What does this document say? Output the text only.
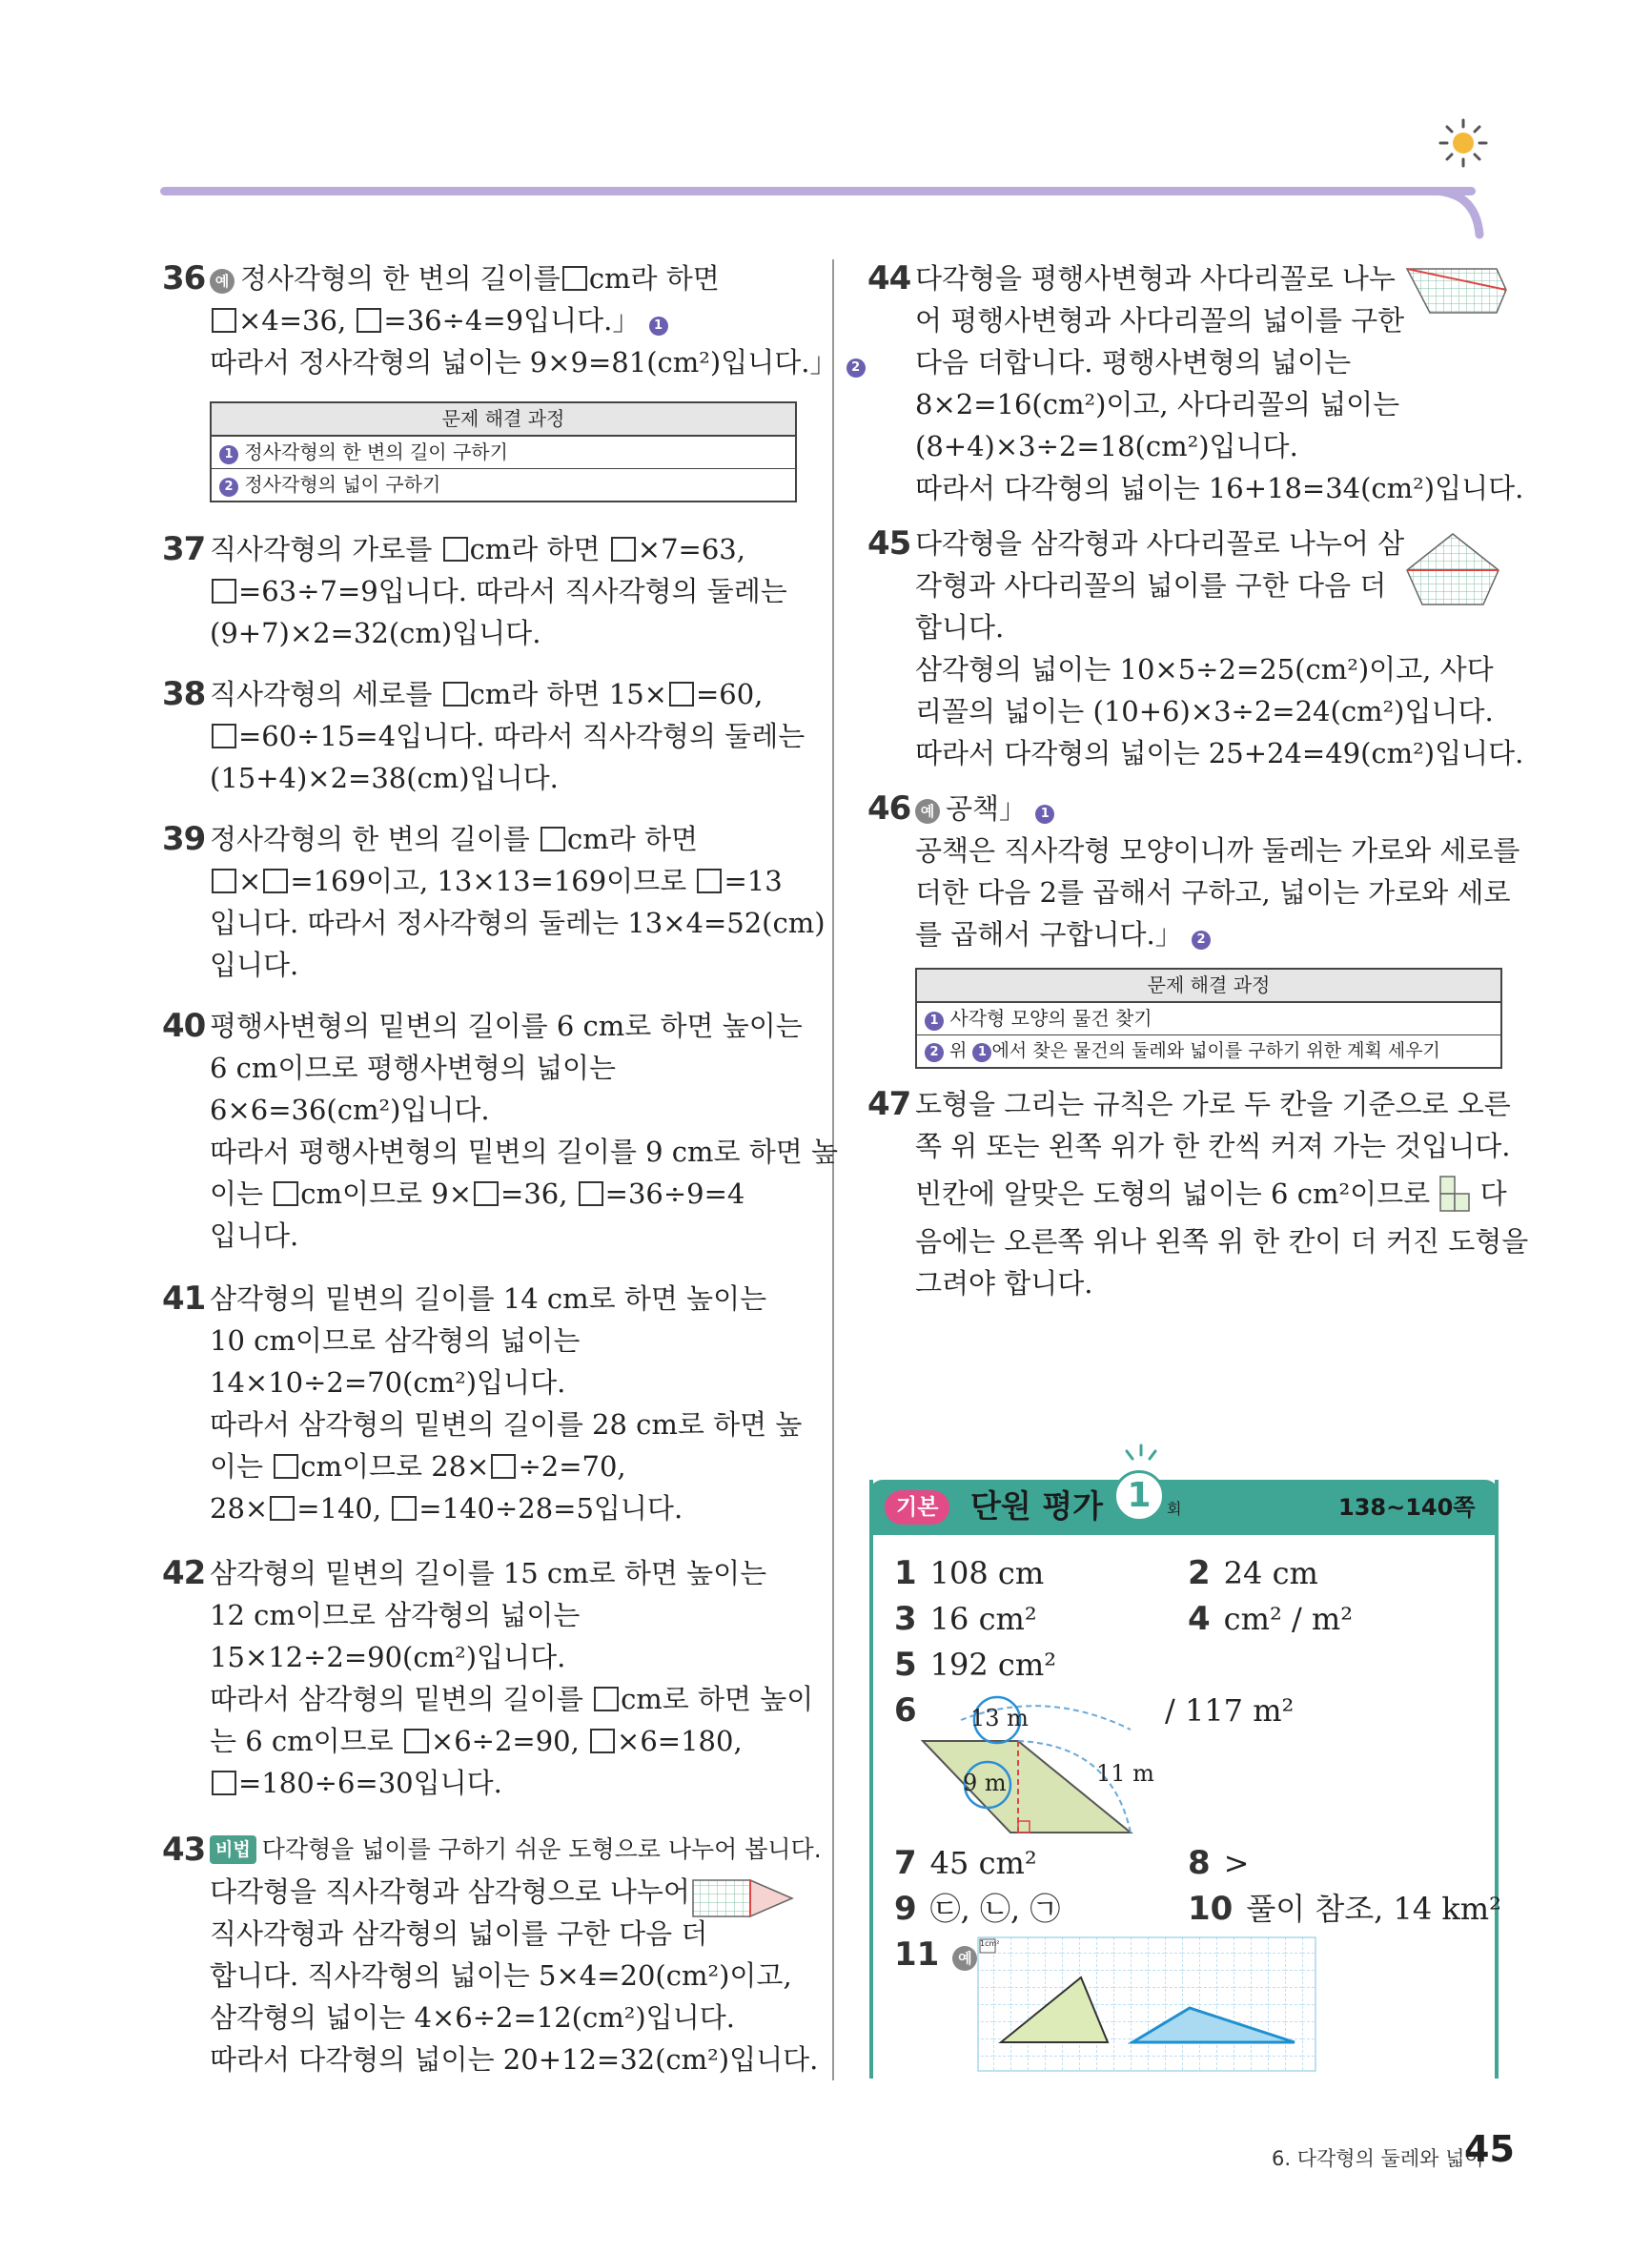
36 예 정사각형의 한 변의 길이를 cm라 하면
×4=36, =36÷4=9입니다.」 1
따라서 정사각형의 넓이는 9×9=81(cm²)입니다.」 2
문제 해결 과정
1 정사각형의 한 변의 길이 구하기
2 정사각형의 넓이 구하기
37 직사각형의 가로를 cm라 하면 ×7=63,
=63÷7=9입니다. 따라서 직사각형의 둘레는
(9+7)×2=32(cm)입니다.
38 직사각형의 세로를 cm라 하면 15× =60,
=60÷15=4입니다. 따라서 직사각형의 둘레는
(15+4)×2=38(cm)입니다.
39 정사각형의 한 변의 길이를 cm라 하면
× =169이고, 13×13=169이므로 =13
입니다. 따라서 정사각형의 둘레는 13×4=52(cm)
입니다.
40 평행사변형의 밑변의 길이를 6 cm로 하면 높이는
6 cm이므로 평행사변형의 넓이는
6×6=36(cm²)입니다.
따라서 평행사변형의 밑변의 길이를 9 cm로 하면 높
이는 cm이므로 9× =36, =36÷9=4
입니다.
41 삼각형의 밑변의 길이를 14 cm로 하면 높이는
10 cm이므로 삼각형의 넓이는
14×10÷2=70(cm²)입니다.
따라서 삼각형의 밑변의 길이를 28 cm로 하면 높
이는 cm이므로 28× ÷2=70,
28× =140, =140÷28=5입니다.
42 삼각형의 밑변의 길이를 15 cm로 하면 높이는
12 cm이므로 삼각형의 넓이는
15×12÷2=90(cm²)입니다.
따라서 삼각형의 밑변의 길이를 cm로 하면 높이
는 6 cm이므로 ×6÷2=90, ×6=180,
=180÷6=30입니다.
43 비법 다각형을 넓이를 구하기 쉬운 도형으로 나누어 봅니다.
다각형을 직사각형과 삼각형으로 나누어
직사각형과 삼각형의 넓이를 구한 다음 더
합니다. 직사각형의 넓이는 5×4=20(cm²)이고,
삼각형의 넓이는 4×6÷2=12(cm²)입니다.
따라서 다각형의 넓이는 20+12=32(cm²)입니다.
44 다각형을 평행사변형과 사다리꼴로 나누
어 평행사변형과 사다리꼴의 넓이를 구한
다음 더합니다. 평행사변형의 넓이는
8×2=16(cm²)이고, 사다리꼴의 넓이는
(8+4)×3÷2=18(cm²)입니다.
따라서 다각형의 넓이는 16+18=34(cm²)입니다.
45 다각형을 삼각형과 사다리꼴로 나누어 삼
각형과 사다리꼴의 넓이를 구한 다음 더
합니다.
삼각형의 넓이는 10×5÷2=25(cm²)이고, 사다
리꼴의 넓이는 (10+6)×3÷2=24(cm²)입니다.
따라서 다각형의 넓이는 25+24=49(cm²)입니다.
46 예 공책」 1
공책은 직사각형 모양이니까 둘레는 가로와 세로를
더한 다음 2를 곱해서 구하고, 넓이는 가로와 세로
를 곱해서 구합니다.」 2
문제 해결 과정
1 사각형 모양의 물건 찾기
2 위 1 에서 찾은 물건의 둘레와 넓이를 구하기 위한 계획 세우기
47 도형을 그리는 규칙은 가로 두 칸을 기준으로 오른
쪽 위 또는 왼쪽 위가 한 칸씩 커져 가는 것입니다.
빈칸에 알맞은 도형의 넓이는 6 cm²이므로 다
음에는 오른쪽 위나 왼쪽 위 한 칸이 더 커진 도형을
그려야 합니다.
기본	단원 평가 1	회	138~140쪽
1 108 cm	2 24 cm
3 16 cm²	4 cm² / m²
5 192 cm²
6	/ 117 m²
13 m
9 m	11 m
7 45 cm²	8 >
9 ㉢, ㉡, ㉠	10 풀이 참조, 14 km²
11 예
1cm²
6. 다각형의 둘레와 넓이
45
